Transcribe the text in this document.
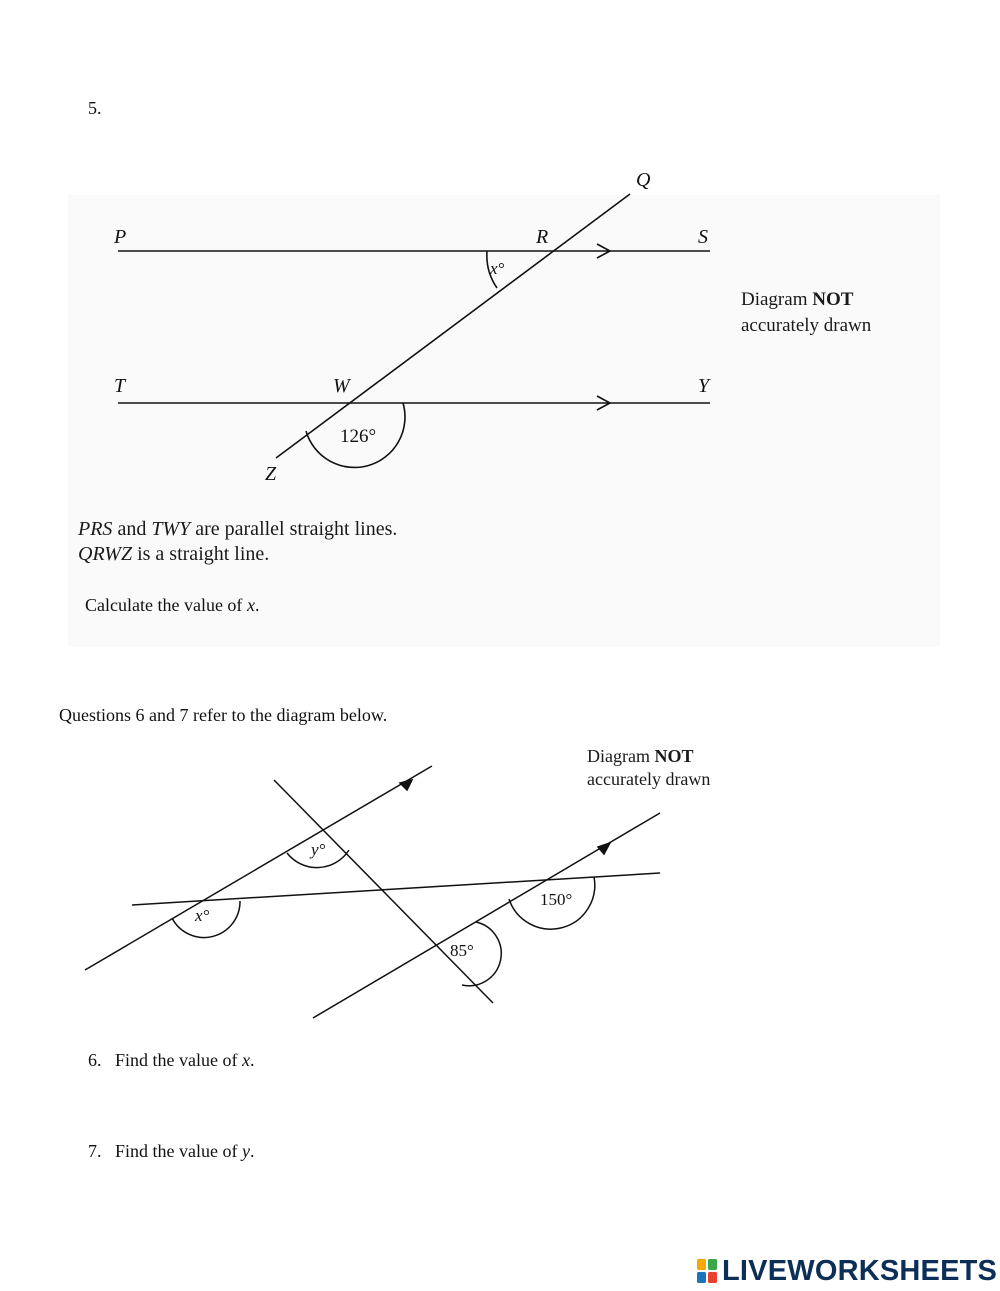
5.
P	R	S
Q
T	W	Y
Z
x°
126°
y°
x°
150°
85°
Diagram NOT
accurately drawn
PRS and TWY are parallel straight lines.
QRWZ is a straight line.
Calculate the value of x.
Questions 6 and 7 refer to the diagram below.
Diagram NOT
accurately drawn
6. Find the value of x.
7. Find the value of y.
LIVEWORKSHEETS
